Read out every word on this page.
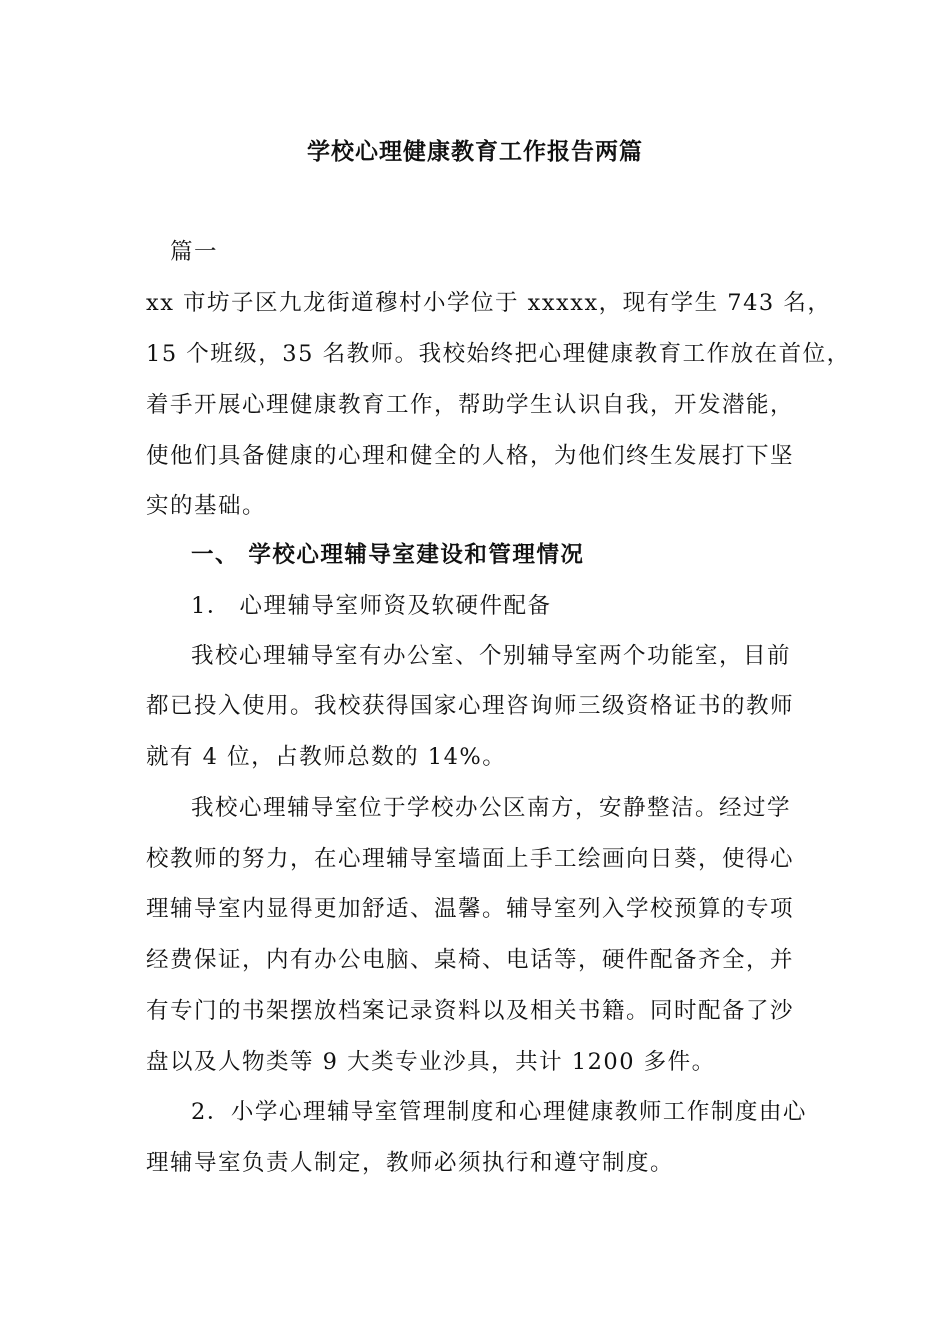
学校心理健康教育工作报告两篇
篇一
xx 市坊子区九龙街道穆村小学位于 xxxxx，现有学生 743 名，
15 个班级，35 名教师。我校始终把心理健康教育工作放在首位，
着手开展心理健康教育工作，帮助学生认识自我，开发潜能，
使他们具备健康的心理和健全的人格，为他们终生发展打下坚
实的基础。
一、 学校心理辅导室建设和管理情况
1． 心理辅导室师资及软硬件配备
我校心理辅导室有办公室、个别辅导室两个功能室，目前
都已投入使用。我校获得国家心理咨询师三级资格证书的教师
就有 4 位，占教师总数的 14%。
我校心理辅导室位于学校办公区南方，安静整洁。经过学
校教师的努力，在心理辅导室墙面上手工绘画向日葵，使得心
理辅导室内显得更加舒适、温馨。辅导室列入学校预算的专项
经费保证，内有办公电脑、桌椅、电话等，硬件配备齐全，并
有专门的书架摆放档案记录资料以及相关书籍。同时配备了沙
盘以及人物类等 9 大类专业沙具，共计 1200 多件。
2．小学心理辅导室管理制度和心理健康教师工作制度由心
理辅导室负责人制定，教师必须执行和遵守制度。
